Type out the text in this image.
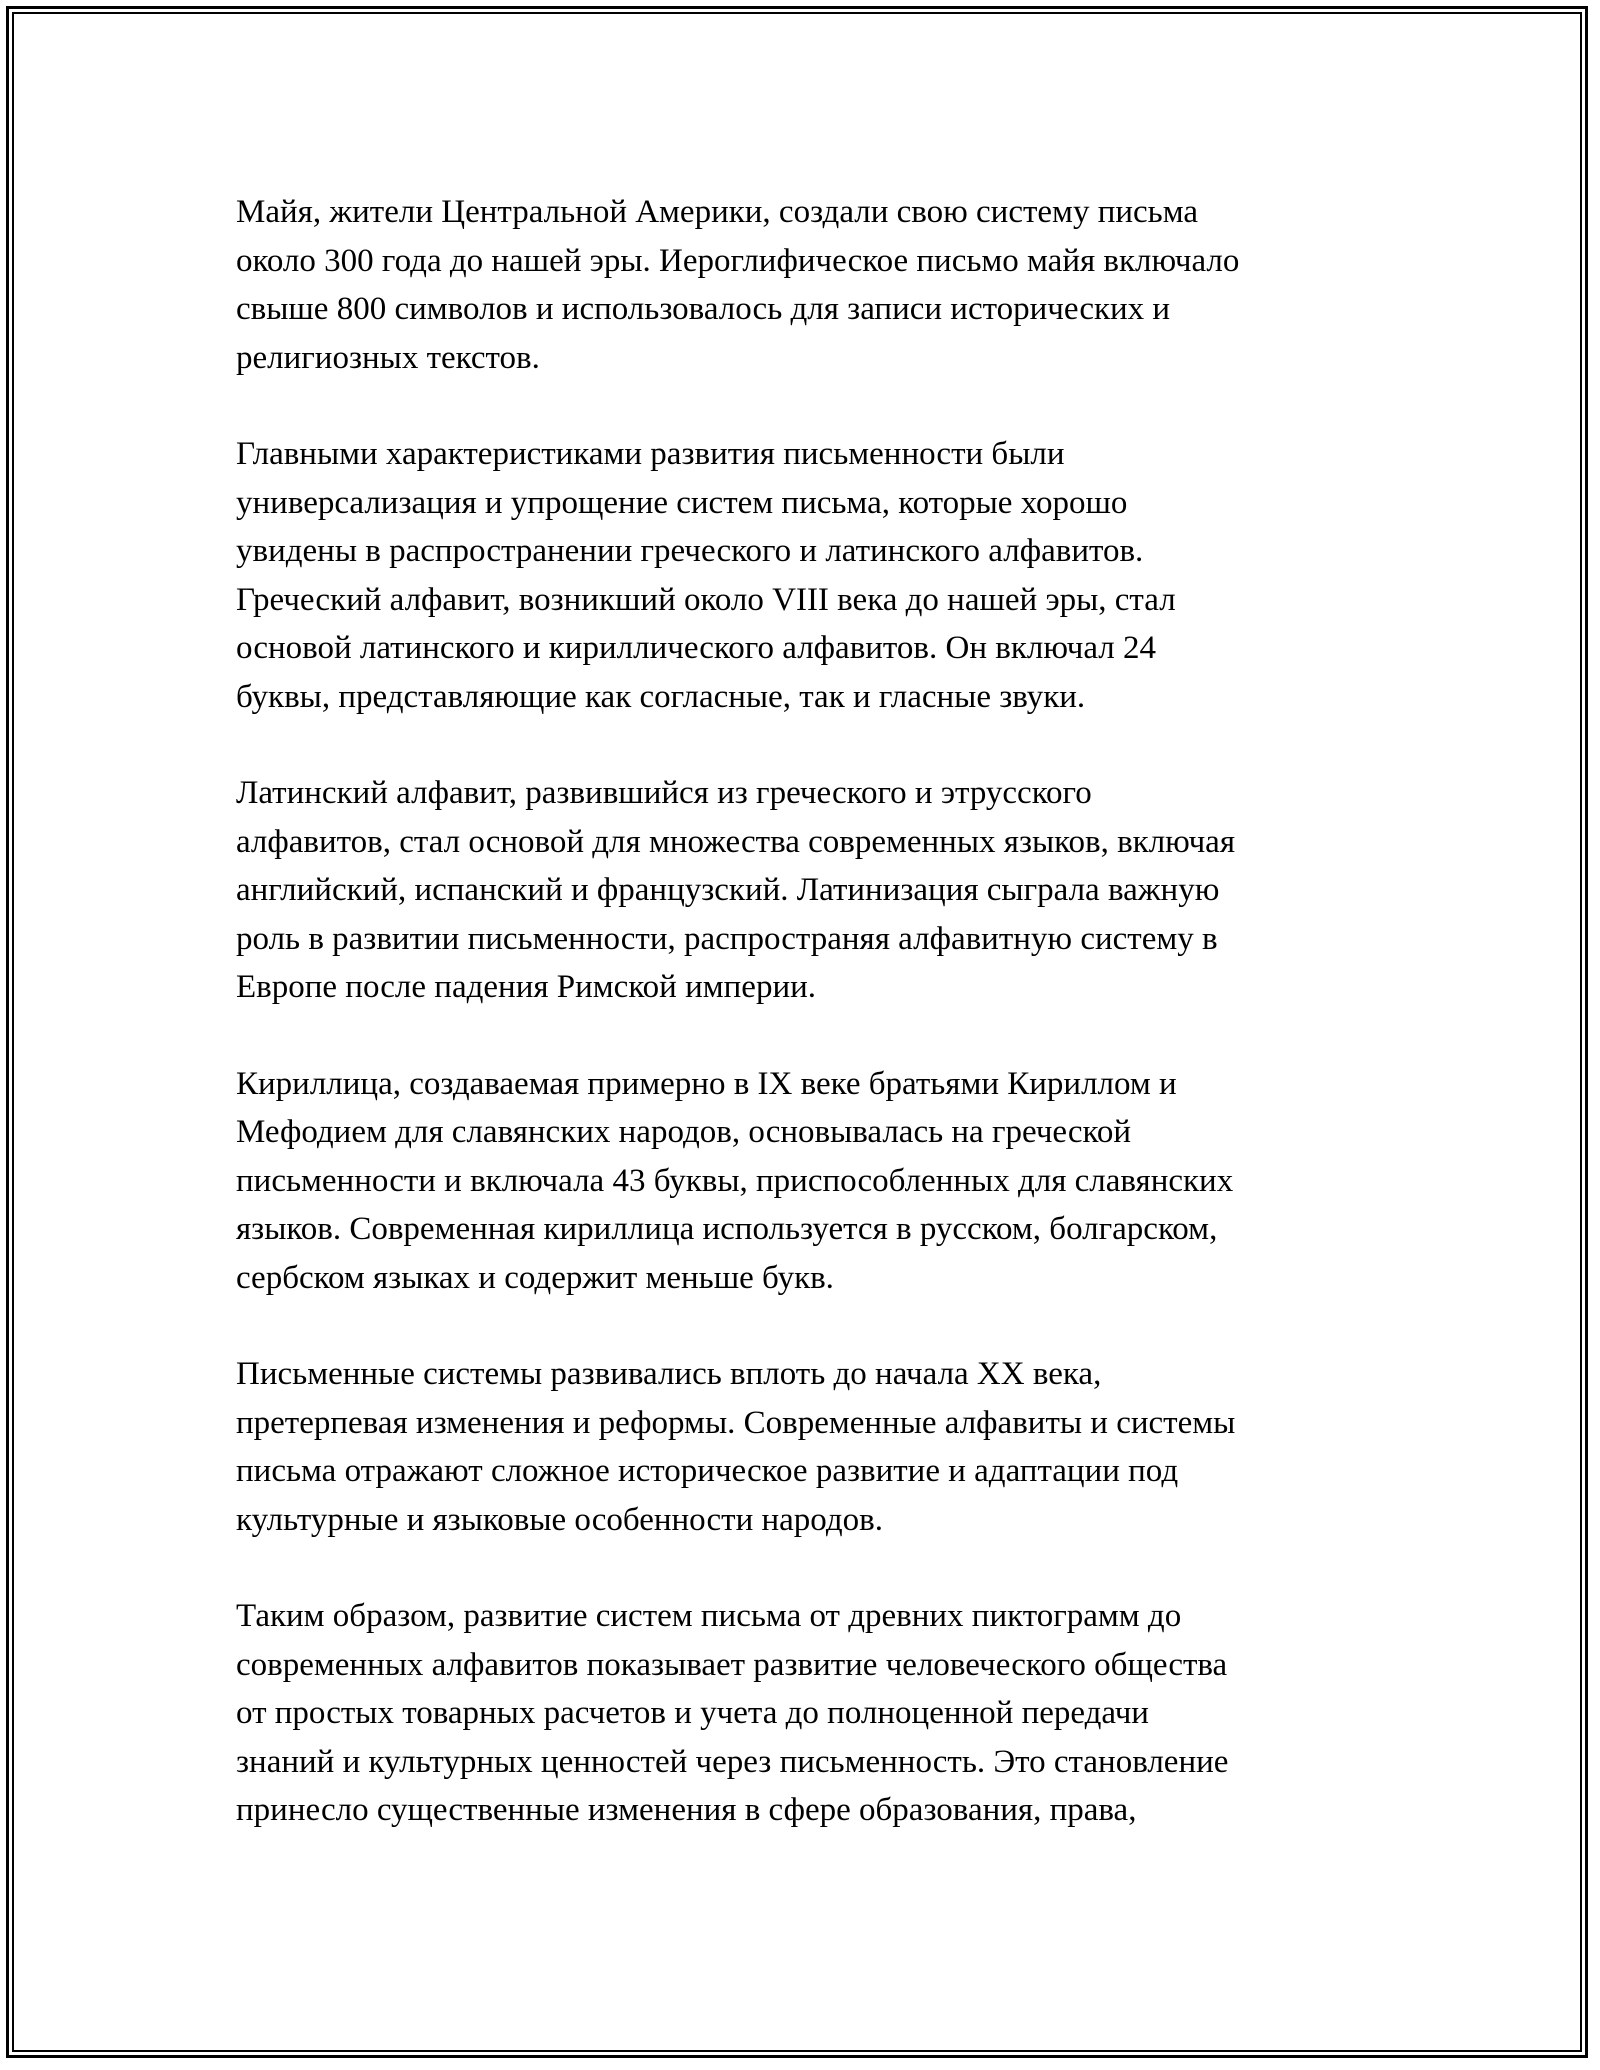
Майя, жители Центральной Америки, создали свою систему письма
около 300 года до нашей эры. Иероглифическое письмо майя включало
свыше 800 символов и использовалось для записи исторических и
религиозных текстов.

Главными характеристиками развития письменности были
универсализация и упрощение систем письма, которые хорошо
увидены в распространении греческого и латинского алфавитов.
Греческий алфавит, возникший около VIII века до нашей эры, стал
основой латинского и кириллического алфавитов. Он включал 24
буквы, представляющие как согласные, так и гласные звуки.

Латинский алфавит, развившийся из греческого и этрусского
алфавитов, стал основой для множества современных языков, включая
английский, испанский и французский. Латинизация сыграла важную
роль в развитии письменности, распространяя алфавитную систему в
Европе после падения Римской империи.

Кириллица, создаваемая примерно в IX веке братьями Кириллом и
Мефодием для славянских народов, основывалась на греческой
письменности и включала 43 буквы, приспособленных для славянских
языков. Современная кириллица используется в русском, болгарском,
сербском языках и содержит меньше букв.

Письменные системы развивались вплоть до начала XX века,
претерпевая изменения и реформы. Современные алфавиты и системы
письма отражают сложное историческое развитие и адаптации под
культурные и языковые особенности народов.

Таким образом, развитие систем письма от древних пиктограмм до
современных алфавитов показывает развитие человеческого общества
от простых товарных расчетов и учета до полноценной передачи
знаний и культурных ценностей через письменность. Это становление
принесло существенные изменения в сфере образования, права,
